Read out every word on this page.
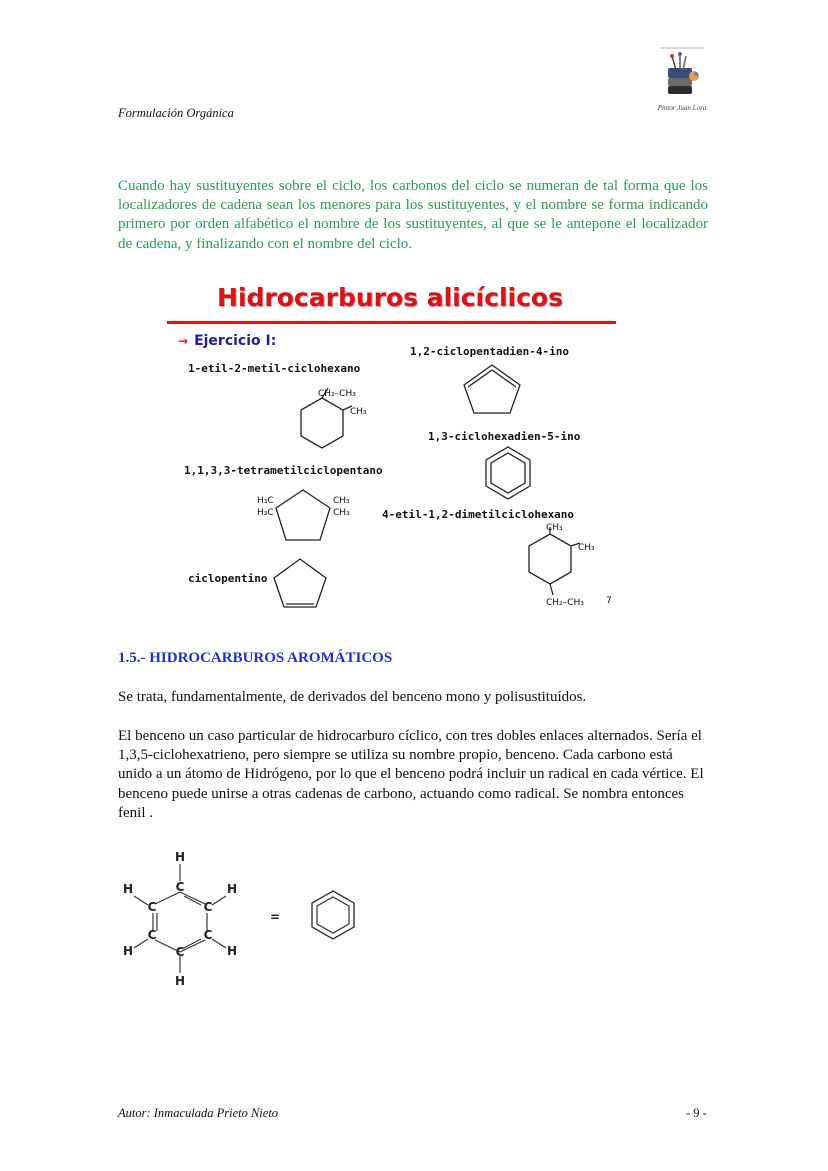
Formulación Orgánica	Pintor Juan Lora
Cuando hay sustituyentes sobre el ciclo, los carbonos del ciclo se numeran de tal forma que los localizadores de cadena sean los menores para los sustituyentes, y el nombre se forma indicando primero por orden alfabético el nombre de los sustituyentes, al que se le antepone el localizador de cadena, y finalizando con el nombre del ciclo.
Hidrocarburos alicíclicos
→ Ejercicio I:
1-etil-2-metil-ciclohexano
1,1,3,3-tetrametilciclopentano
ciclopentino
1,2-ciclopentadien-4-ino
1,3-ciclohexadien-5-ino
4-etil-1,2-dimetilciclohexano
CH₂–CH₃
CH₃
H₃C
H₃C
CH₃
CH₃
CH₃
CH₃
CH₂–CH₃ 7
1.5.- HIDROCARBUROS AROMÁTICOS
Se trata, fundamentalmente, de derivados del benceno mono y polisustituídos.
El benceno un caso particular de hidrocarburo cíclico, con tres dobles enlaces alternados. Sería el 1,3,5-ciclohexatrieno, pero siempre se utiliza su nombre propio, benceno. Cada carbono está unido a un átomo de Hidrógeno, por lo que el benceno podrá incluir un radical en cada vértice. El benceno puede unirse a otras cadenas de carbono, actuando como radical. Se nombra entonces fenil .
H
C
C
C
C
C
C
H
H	H
H	H
=
Autor: Inmaculada Prieto Nieto	- 9 -
